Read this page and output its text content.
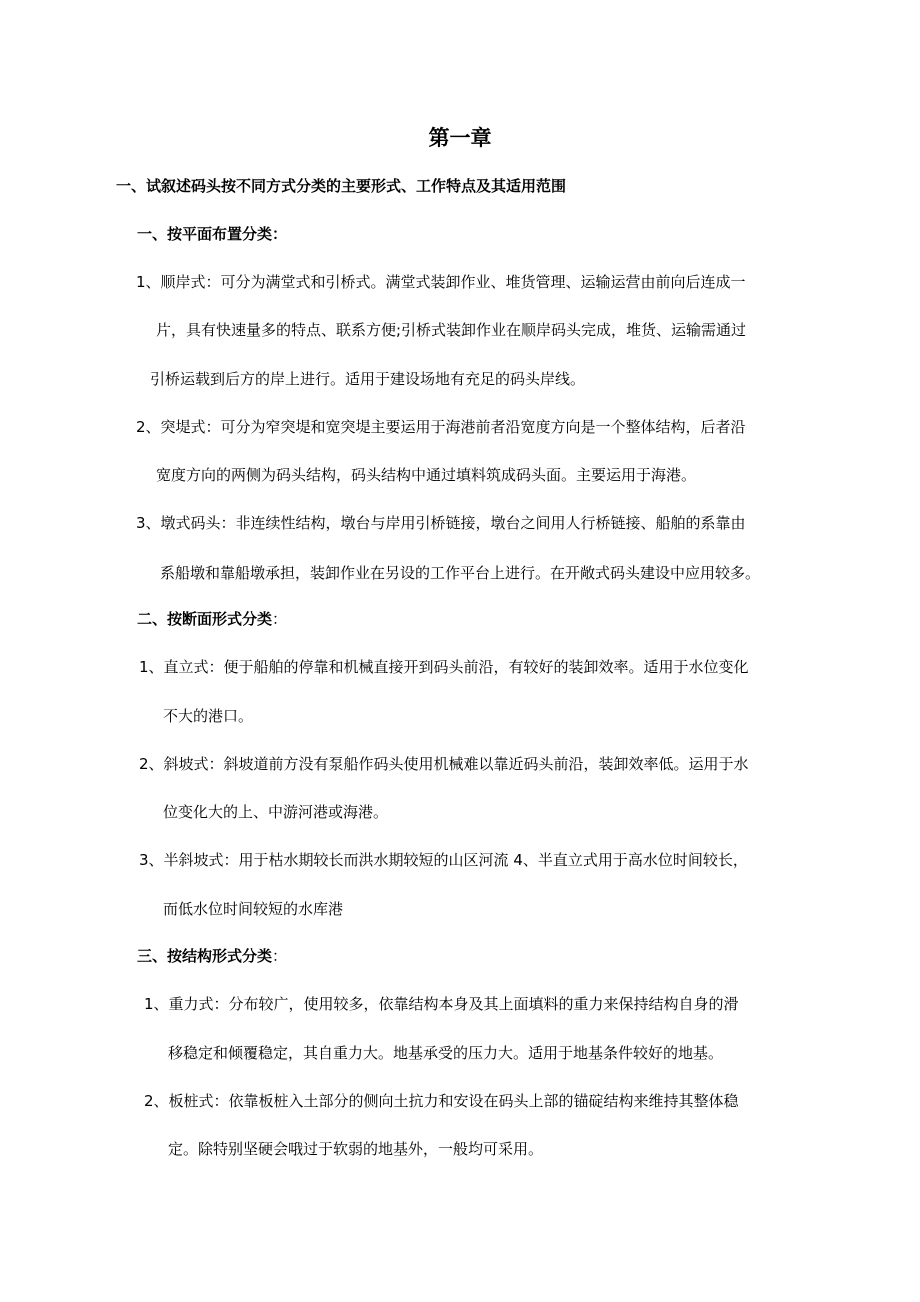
第一章
一、试叙述码头按不同方式分类的主要形式、工作特点及其适用范围
一、按平面布置分类：
1、顺岸式：可分为满堂式和引桥式。满堂式装卸作业、堆货管理、运输运营由前向后连成一
片，具有快速量多的特点、联系方便;引桥式装卸作业在顺岸码头完成，堆货、运输需通过
引桥运载到后方的岸上进行。适用于建设场地有充足的码头岸线。
2、突堤式：可分为窄突堤和宽突堤主要运用于海港前者沿宽度方向是一个整体结构，后者沿
宽度方向的两侧为码头结构，码头结构中通过填料筑成码头面。主要运用于海港。
3、墩式码头：非连续性结构，墩台与岸用引桥链接，墩台之间用人行桥链接、船舶的系靠由
系船墩和靠船墩承担，装卸作业在另设的工作平台上进行。在开敞式码头建设中应用较多。
二、按断面形式分类：
1、直立式：便于船舶的停靠和机械直接开到码头前沿，有较好的装卸效率。适用于水位变化
不大的港口。
2、斜坡式：斜坡道前方没有泵船作码头使用机械难以靠近码头前沿，装卸效率低。运用于水
位变化大的上、中游河港或海港。
3、半斜坡式：用于枯水期较长而洪水期较短的山区河流 4、半直立式用于高水位时间较长，
而低水位时间较短的水库港
三、按结构形式分类：
1、重力式：分布较广，使用较多，依靠结构本身及其上面填料的重力来保持结构自身的滑
移稳定和倾覆稳定，其自重力大。地基承受的压力大。适用于地基条件较好的地基。
2、板桩式：依靠板桩入土部分的侧向土抗力和安设在码头上部的锚碇结构来维持其整体稳
定。除特别坚硬会哦过于软弱的地基外，一般均可采用。
